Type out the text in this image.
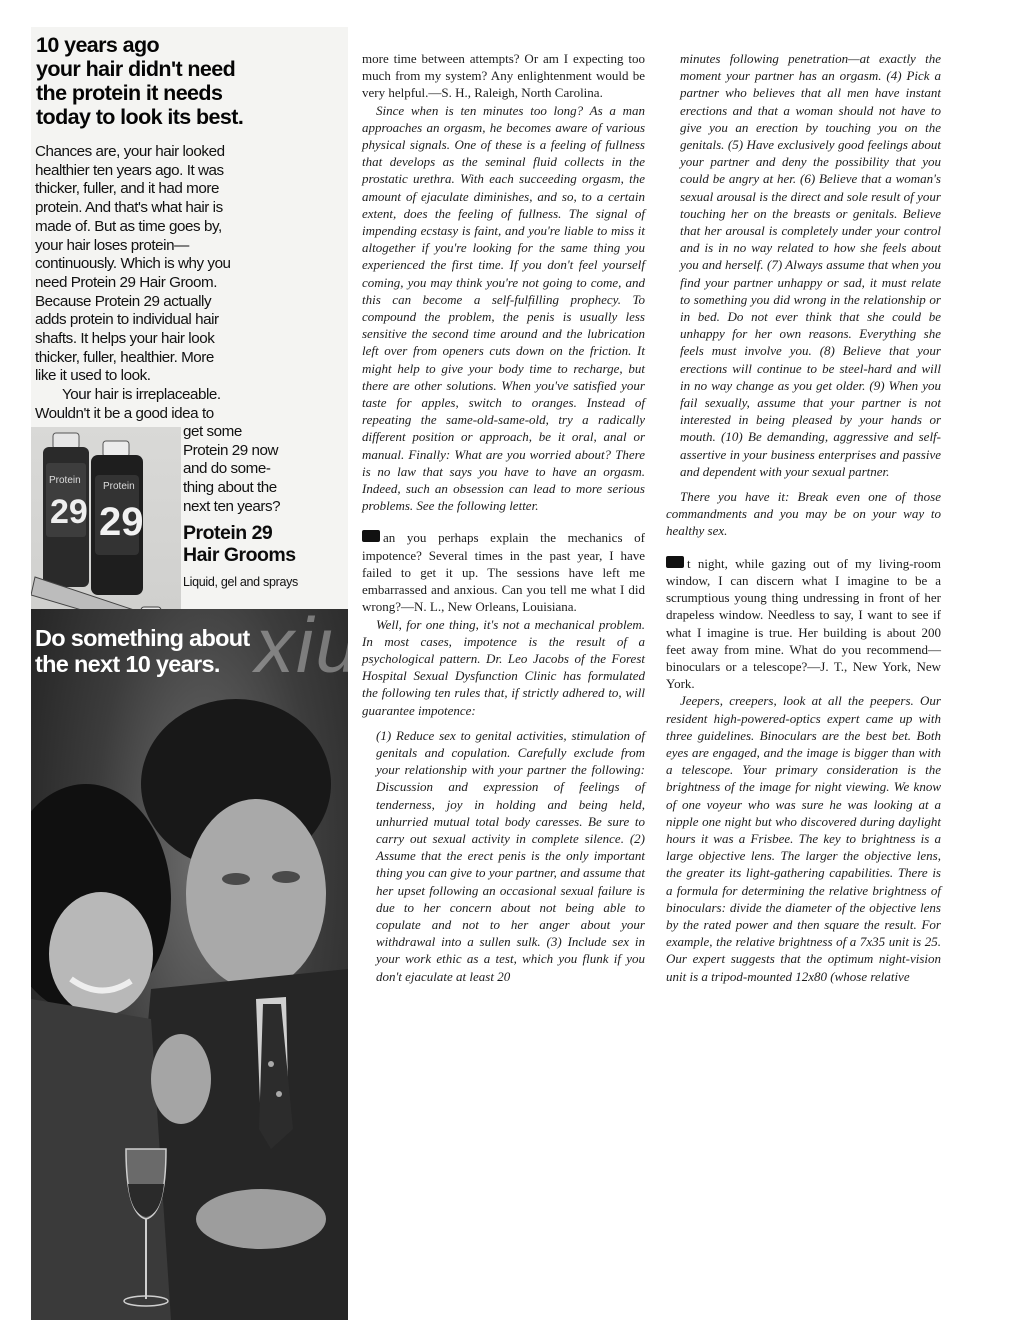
10 years ago
your hair didn't need
the protein it needs
today to look its best.
Chances are, your hair looked
healthier ten years ago. It was
thicker, fuller, and it had more
protein. And that's what hair is
made of. But as time goes by,
your hair loses protein—
continuously. Which is why you
need Protein 29 Hair Groom.
Because Protein 29 actually
adds protein to individual hair
shafts. It helps your hair look
thicker, fuller, healthier. More
like it used to look.
Your hair is irreplaceable.
Wouldn't it be a good idea to
Protein
29
Protein
29
get some
Protein 29 now
and do some-
thing about the
next ten years?
Protein 29
Hair Grooms
Liquid, gel and sprays
Do something about
the next 10 years. xiu

more time between attempts? Or am I expecting too much from my system? Any enlightenment would be very helpful.—S. H., Raleigh, North Carolina.

Since when is ten minutes too long? As a man approaches an orgasm, he becomes aware of various physical signals. One of these is a feeling of fullness that develops as the seminal fluid collects in the prostatic urethra. With each succeeding orgasm, the amount of ejaculate diminishes, and so, to a certain extent, does the feeling of fullness. The signal of impending ecstasy is faint, and you're liable to miss it altogether if you're looking for the same thing you experienced the first time. If you don't feel yourself coming, you may think you're not going to come, and this can become a self-fulfilling prophecy. To compound the problem, the penis is usually less sensitive the second time around and the lubrication left over from openers cuts down on the friction. It might help to give your body time to recharge, but there are other solutions. When you've satisfied your taste for apples, switch to oranges. Instead of repeating the same-old-same-old, try a radically different position or approach, be it oral, anal or manual. Finally: What are you worried about? There is no law that says you have to have an orgasm. Indeed, such an obsession can lead to more serious problems. See the following letter.

an you perhaps explain the mechanics of impotence? Several times in the past year, I have failed to get it up. The sessions have left me embarrassed and anxious. Can you tell me what I did wrong?—N. L., New Orleans, Louisiana.

Well, for one thing, it's not a mechanical problem. In most cases, impotence is the result of a psychological pattern. Dr. Leo Jacobs of the Forest Hospital Sexual Dysfunction Clinic has formulated the following ten rules that, if strictly adhered to, will guarantee impotence:

(1) Reduce sex to genital activities, stimulation of genitals and copulation. Carefully exclude from your relationship with your partner the following: Discussion and expression of feelings of tenderness, joy in holding and being held, unhurried mutual total body caresses. Be sure to carry out sexual activity in complete silence. (2) Assume that the erect penis is the only important thing you can give to your partner, and assume that her upset following an occasional sexual failure is due to her concern about not being able to copulate and not to her anger about your withdrawal into a sullen sulk. (3) Include sex in your work ethic as a test, which you flunk if you don't ejaculate at least 20

minutes following penetration—at exactly the moment your partner has an orgasm. (4) Pick a partner who believes that all men have instant erections and that a woman should not have to give you an erection by touching you on the genitals. (5) Have exclusively good feelings about your partner and deny the possibility that you could be angry at her. (6) Believe that a woman's sexual arousal is the direct and sole result of your touching her on the breasts or genitals. Believe that her arousal is completely under your control and is in no way related to how she feels about you and herself. (7) Always assume that when you find your partner unhappy or sad, it must relate to something you did wrong in the relationship or in bed. Do not ever think that she could be unhappy for her own reasons. Everything she feels must involve you. (8) Believe that your erections will continue to be steel-hard and will in no way change as you get older. (9) When you fail sexually, assume that your partner is not interested in being pleased by your hands or mouth. (10) Be demanding, aggressive and self-assertive in your business enterprises and passive and dependent with your sexual partner.

There you have it: Break even one of those commandments and you may be on your way to healthy sex.

t night, while gazing out of my living-room window, I can discern what I imagine to be a scrumptious young thing undressing in front of her drapeless window. Needless to say, I want to see if what I imagine is true. Her building is about 200 feet away from mine. What do you recommend—binoculars or a telescope?—J. T., New York, New York.

Jeepers, creepers, look at all the peepers. Our resident high-powered-optics expert came up with three guidelines. Binoculars are the best bet. Both eyes are engaged, and the image is bigger than with a telescope. Your primary consideration is the brightness of the image for night viewing. We know of one voyeur who was sure he was looking at a nipple one night but who discovered during daylight hours it was a Frisbee. The key to brightness is a large objective lens. The larger the objective lens, the greater its light-gathering capabilities. There is a formula for determining the relative brightness of binoculars: divide the diameter of the objective lens by the rated power and then square the result. For example, the relative brightness of a 7x35 unit is 25. Our expert suggests that the optimum night-vision unit is a tripod-mounted 12x80 (whose relative
